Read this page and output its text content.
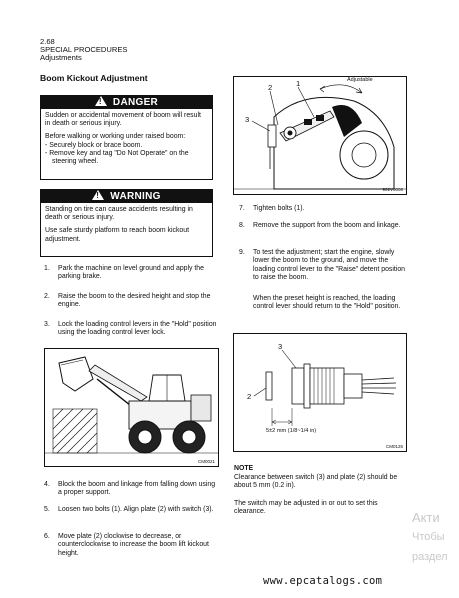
2.68
SPECIAL PROCEDURES
Adjustments
Boom Kickout Adjustment
! DANGER

Sudden or accidental movement of boom will result in death or serious injury.

Before walking or working under raised boom:

- Securely block or brace boom.
- Remove key and tag "Do Not Operate" on the steering wheel.
! WARNING

Standing on tire can cause accidents resulting in death or serious injury.

Use safe sturdy platform to reach boom kickout adjustment.

1. Park the machine on level ground and apply the parking brake.
2. Raise the boom to the desired height and stop the engine.
3. Lock the loading control levers in the "Hold" position using the loading control lever lock.
CM0021
4. Block the boom and linkage from falling down using a proper support.
5. Loosen two bolts (1). Align plate (2) with switch (3).
6. Move plate (2) clockwise to decrease, or counterclockwise to increase the boom lift kickout height.
Adjustable
2	1
3
902V0008
7. Tighten bolts (1).
8. Remove the support from the boom and linkage.
9. To test the adjustment; start the engine, slowly lower the boom to the ground, and move the loading control lever to the "Raise" detent position to raise the boom.
When the preset height is reached, the loading control lever should return to the "Hold" position.
3
2
5±2 mm (1/8~1/4 in)
CM0126
NOTE
Clearance between switch (3) and plate (2) should be about 5 mm (0.2 in).
The switch may be adjusted in or out to set this clearance.	Акти
Чтобы
раздел
www.epcatalogs.com
